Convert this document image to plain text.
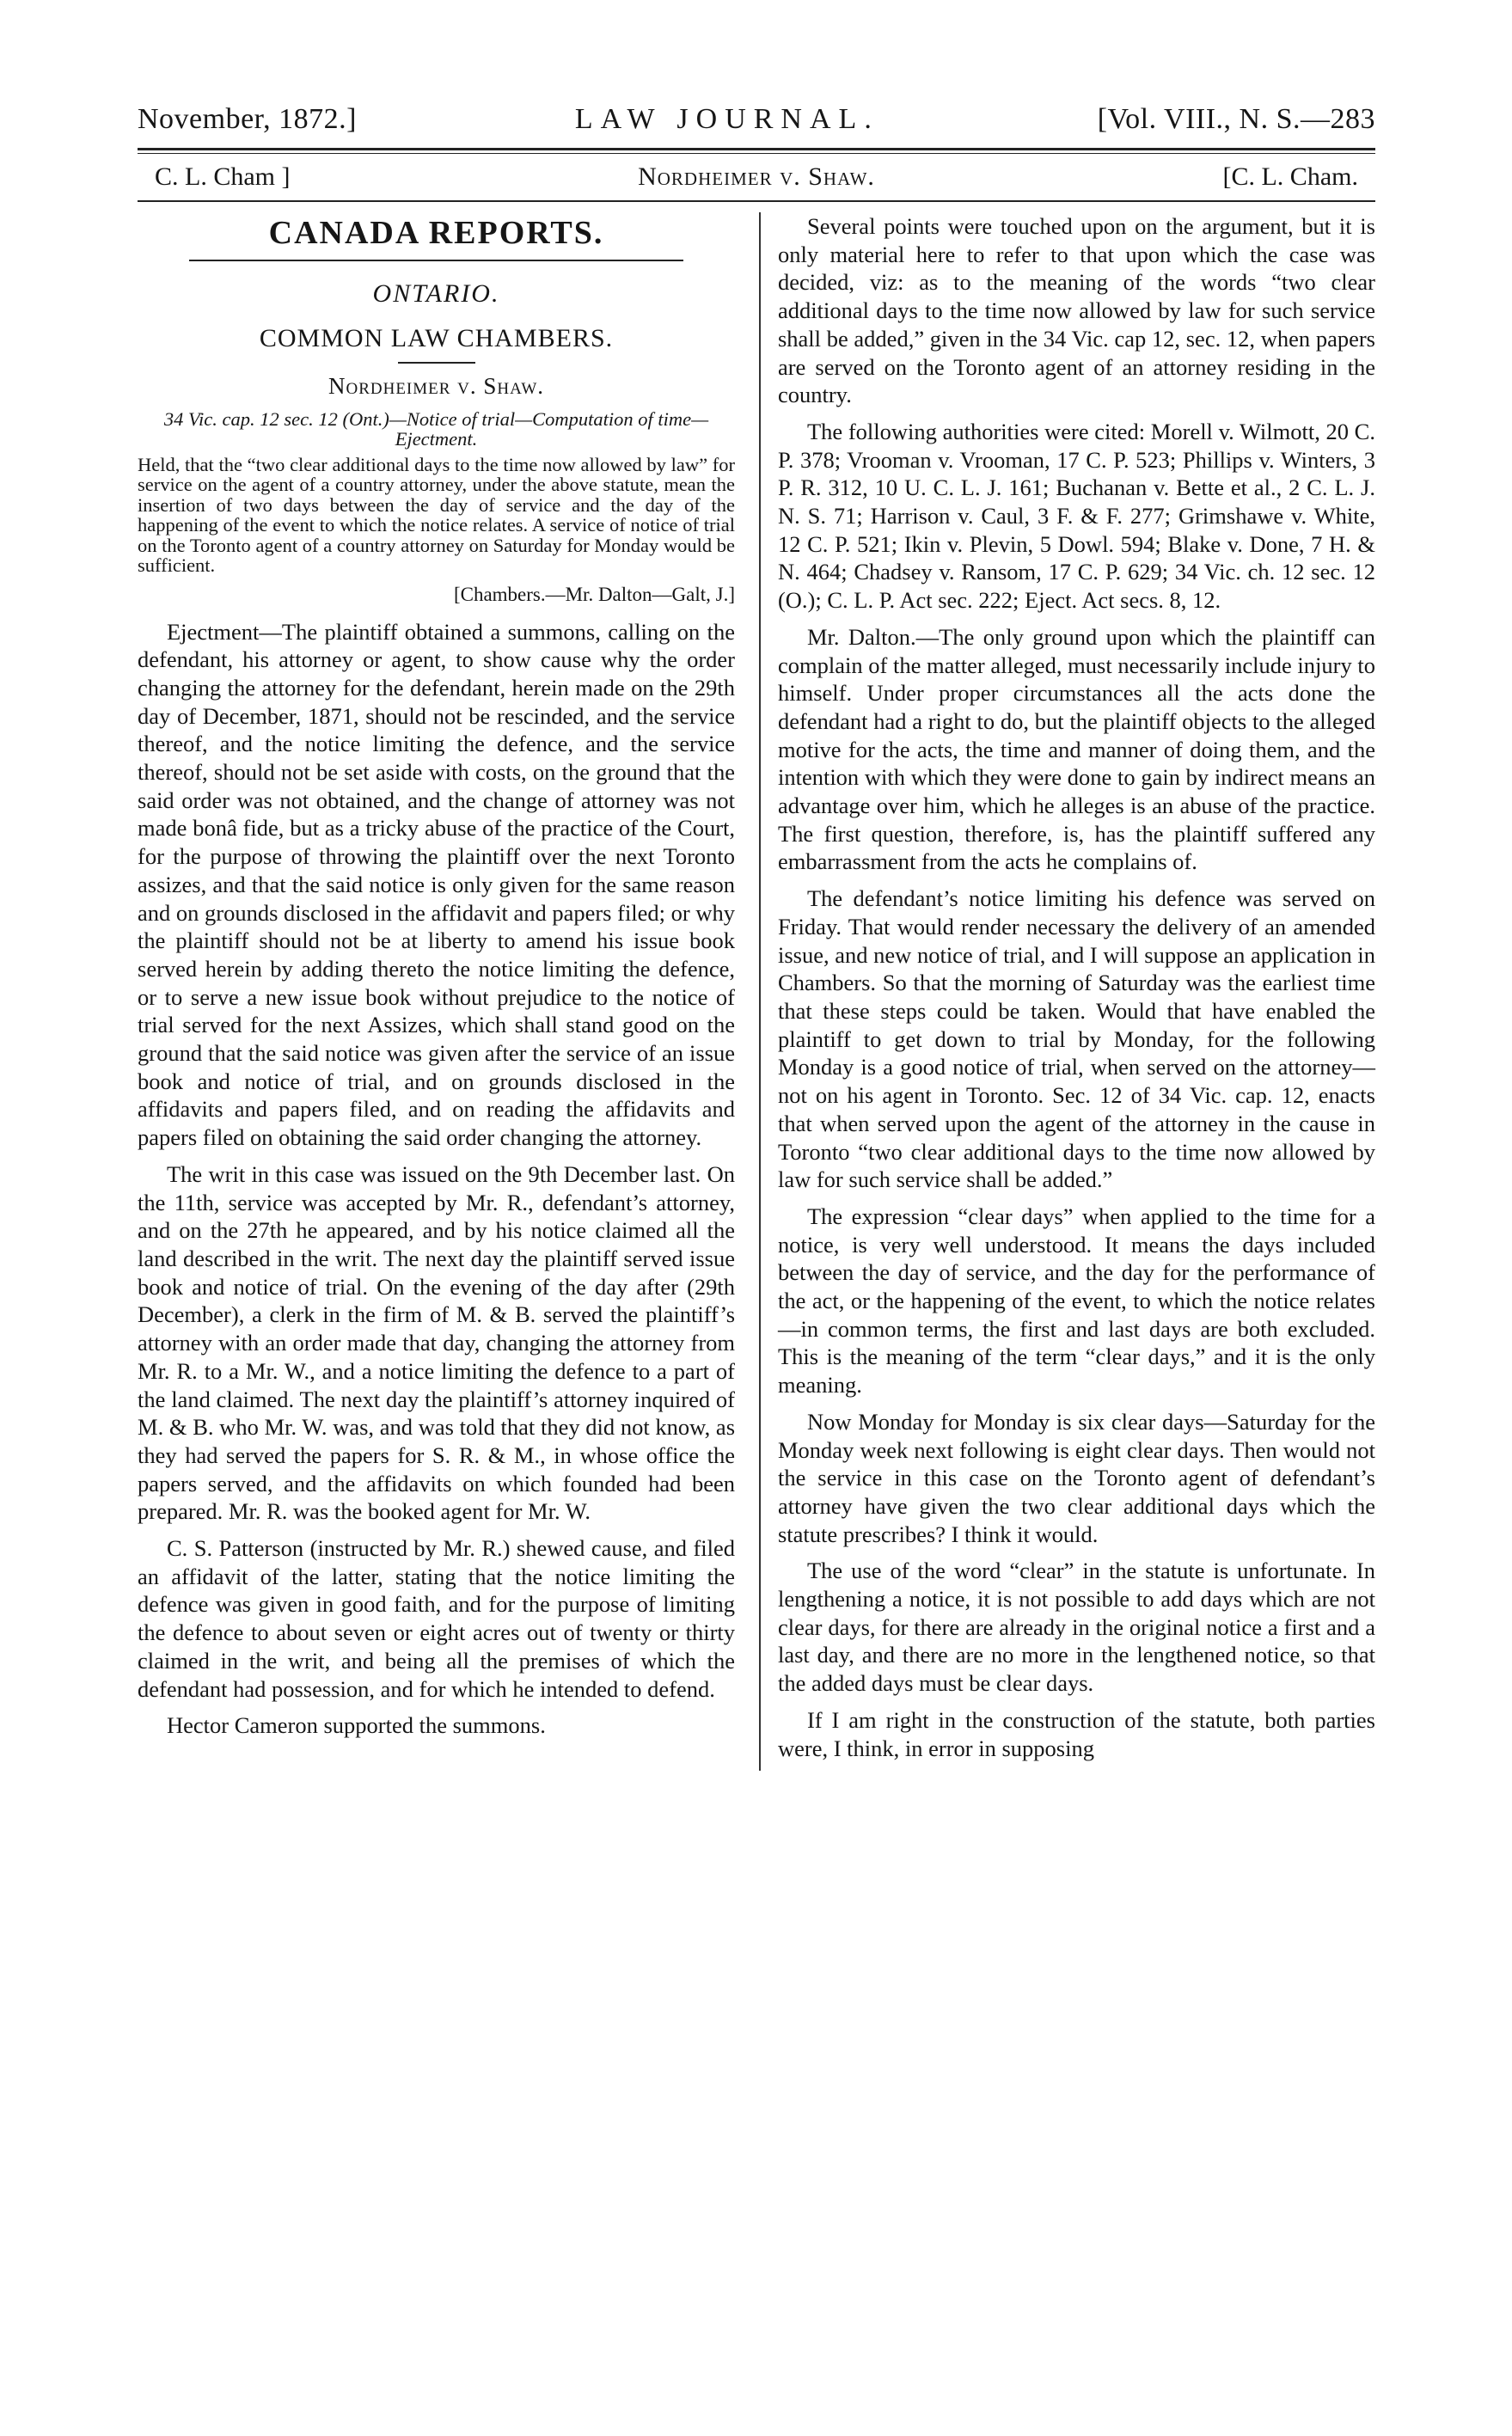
November, 1872.]	LAW JOURNAL.	[Vol. VIII., N. S.—283
C. L. Cham ]	Nordheimer v. Shaw.	[C. L. Cham.
CANADA REPORTS.
ONTARIO.
COMMON LAW CHAMBERS.
Nordheimer v. Shaw.
34 Vic. cap. 12 sec. 12 (Ont.)—Notice of trial—Computation of time—Ejectment.
Held, that the “two clear additional days to the time now allowed by law” for service on the agent of a country attorney, under the above statute, mean the insertion of two days between the day of service and the day of the happening of the event to which the notice relates. A service of notice of trial on the Toronto agent of a country attorney on Saturday for Monday would be sufficient.
[Chambers.—Mr. Dalton—Galt, J.]

Ejectment—The plaintiff obtained a summons, calling on the defendant, his attorney or agent, to show cause why the order changing the attorney for the defendant, herein made on the 29th day of December, 1871, should not be rescinded, and the service thereof, and the notice limiting the defence, and the service thereof, should not be set aside with costs, on the ground that the said order was not obtained, and the change of attorney was not made bonâ fide, but as a tricky abuse of the practice of the Court, for the purpose of throwing the plaintiff over the next Toronto assizes, and that the said notice is only given for the same reason and on grounds disclosed in the affidavit and papers filed; or why the plaintiff should not be at liberty to amend his issue book served herein by adding thereto the notice limiting the defence, or to serve a new issue book without prejudice to the notice of trial served for the next Assizes, which shall stand good on the ground that the said notice was given after the service of an issue book and notice of trial, and on grounds disclosed in the affidavits and papers filed, and on reading the affidavits and papers filed on obtaining the said order changing the attorney.

The writ in this case was issued on the 9th December last. On the 11th, service was accepted by Mr. R., defendant’s attorney, and on the 27th he appeared, and by his notice claimed all the land described in the writ. The next day the plaintiff served issue book and notice of trial. On the evening of the day after (29th December), a clerk in the firm of M. & B. served the plaintiff’s attorney with an order made that day, changing the attorney from Mr. R. to a Mr. W., and a notice limiting the defence to a part of the land claimed. The next day the plaintiff’s attorney inquired of M. & B. who Mr. W. was, and was told that they did not know, as they had served the papers for S. R. & M., in whose office the papers served, and the affidavits on which founded had been prepared. Mr. R. was the booked agent for Mr. W.

C. S. Patterson (instructed by Mr. R.) shewed cause, and filed an affidavit of the latter, stating that the notice limiting the defence was given in good faith, and for the purpose of limiting the defence to about seven or eight acres out of twenty or thirty claimed in the writ, and being all the premises of which the defendant had possession, and for which he intended to defend.

Hector Cameron supported the summons.

Several points were touched upon on the argument, but it is only material here to refer to that upon which the case was decided, viz: as to the meaning of the words “two clear additional days to the time now allowed by law for such service shall be added,” given in the 34 Vic. cap 12, sec. 12, when papers are served on the Toronto agent of an attorney residing in the country.

The following authorities were cited: Morell v. Wilmott, 20 C. P. 378; Vrooman v. Vrooman, 17 C. P. 523; Phillips v. Winters, 3 P. R. 312, 10 U. C. L. J. 161; Buchanan v. Bette et al., 2 C. L. J. N. S. 71; Harrison v. Caul, 3 F. & F. 277; Grimshawe v. White, 12 C. P. 521; Ikin v. Plevin, 5 Dowl. 594; Blake v. Done, 7 H. & N. 464; Chadsey v. Ransom, 17 C. P. 629; 34 Vic. ch. 12 sec. 12 (O.); C. L. P. Act sec. 222; Eject. Act secs. 8, 12.

Mr. Dalton.—The only ground upon which the plaintiff can complain of the matter alleged, must necessarily include injury to himself. Under proper circumstances all the acts done the defendant had a right to do, but the plaintiff objects to the alleged motive for the acts, the time and manner of doing them, and the intention with which they were done to gain by indirect means an advantage over him, which he alleges is an abuse of the practice. The first question, therefore, is, has the plaintiff suffered any embarrassment from the acts he complains of.

The defendant’s notice limiting his defence was served on Friday. That would render necessary the delivery of an amended issue, and new notice of trial, and I will suppose an application in Chambers. So that the morning of Saturday was the earliest time that these steps could be taken. Would that have enabled the plaintiff to get down to trial by Monday, for the following Monday is a good notice of trial, when served on the attorney—not on his agent in Toronto. Sec. 12 of 34 Vic. cap. 12, enacts that when served upon the agent of the attorney in the cause in Toronto “two clear additional days to the time now allowed by law for such service shall be added.”

The expression “clear days” when applied to the time for a notice, is very well understood. It means the days included between the day of service, and the day for the performance of the act, or the happening of the event, to which the notice relates—in common terms, the first and last days are both excluded. This is the meaning of the term “clear days,” and it is the only meaning.

Now Monday for Monday is six clear days—Saturday for the Monday week next following is eight clear days. Then would not the service in this case on the Toronto agent of defendant’s attorney have given the two clear additional days which the statute prescribes? I think it would.

The use of the word “clear” in the statute is unfortunate. In lengthening a notice, it is not possible to add days which are not clear days, for there are already in the original notice a first and a last day, and there are no more in the lengthened notice, so that the added days must be clear days.

If I am right in the construction of the statute, both parties were, I think, in error in supposing
